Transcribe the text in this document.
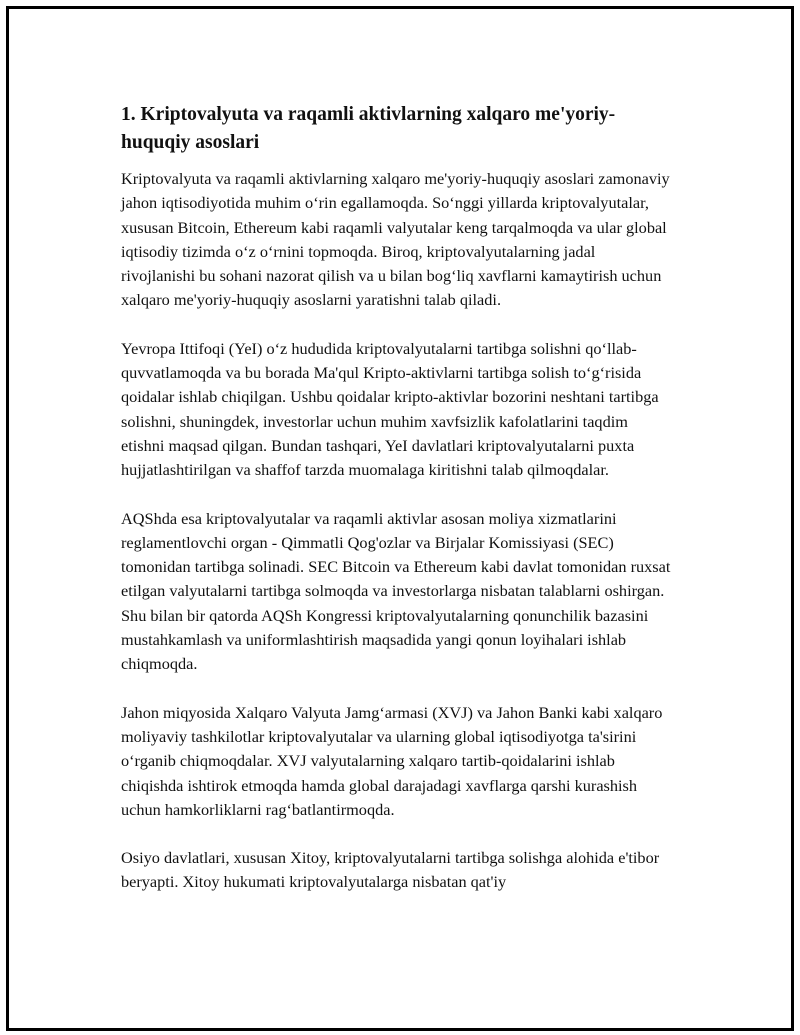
1. Kriptovalyuta va raqamli aktivlarning xalqaro me'yoriy-huquqiy asoslari

Kriptovalyuta va raqamli aktivlarning xalqaro me'yoriy-huquqiy asoslari zamonaviy jahon iqtisodiyotida muhim oʻrin egallamoqda. Soʻnggi yillarda kriptovalyutalar, xususan Bitcoin, Ethereum kabi raqamli valyutalar keng tarqalmoqda va ular global iqtisodiy tizimda oʻz oʻrnini topmoqda. Biroq, kriptovalyutalarning jadal rivojlanishi bu sohani nazorat qilish va u bilan bogʻliq xavflarni kamaytirish uchun xalqaro me'yoriy-huquqiy asoslarni yaratishni talab qiladi.

Yevropa Ittifoqi (YeI) oʻz hududida kriptovalyutalarni tartibga solishni qoʻllab-quvvatlamoqda va bu borada Ma'qul Kripto-aktivlarni tartibga solish toʻgʻrisida qoidalar ishlab chiqilgan. Ushbu qoidalar kripto-aktivlar bozorini neshtani tartibga solishni, shuningdek, investorlar uchun muhim xavfsizlik kafolatlarini taqdim etishni maqsad qilgan. Bundan tashqari, YeI davlatlari kriptovalyutalarni puxta hujjatlashtirilgan va shaffof tarzda muomalaga kiritishni talab qilmoqdalar.

AQShda esa kriptovalyutalar va raqamli aktivlar asosan moliya xizmatlarini reglamentlovchi organ - Qimmatli Qog'ozlar va Birjalar Komissiyasi (SEC) tomonidan tartibga solinadi. SEC Bitcoin va Ethereum kabi davlat tomonidan ruxsat etilgan valyutalarni tartibga solmoqda va investorlarga nisbatan talablarni oshirgan. Shu bilan bir qatorda AQSh Kongressi kriptovalyutalarning qonunchilik bazasini mustahkamlash va uniformlashtirish maqsadida yangi qonun loyihalari ishlab chiqmoqda.

Jahon miqyosida Xalqaro Valyuta Jamgʻarmasi (XVJ) va Jahon Banki kabi xalqaro moliyaviy tashkilotlar kriptovalyutalar va ularning global iqtisodiyotga ta'sirini oʻrganib chiqmoqdalar. XVJ valyutalarning xalqaro tartib-qoidalarini ishlab chiqishda ishtirok etmoqda hamda global darajadagi xavflarga qarshi kurashish uchun hamkorliklarni ragʻbatlantirmoqda.

Osiyo davlatlari, xususan Xitoy, kriptovalyutalarni tartibga solishga alohida e'tibor beryapti. Xitoy hukumati kriptovalyutalarga nisbatan qat'iy
